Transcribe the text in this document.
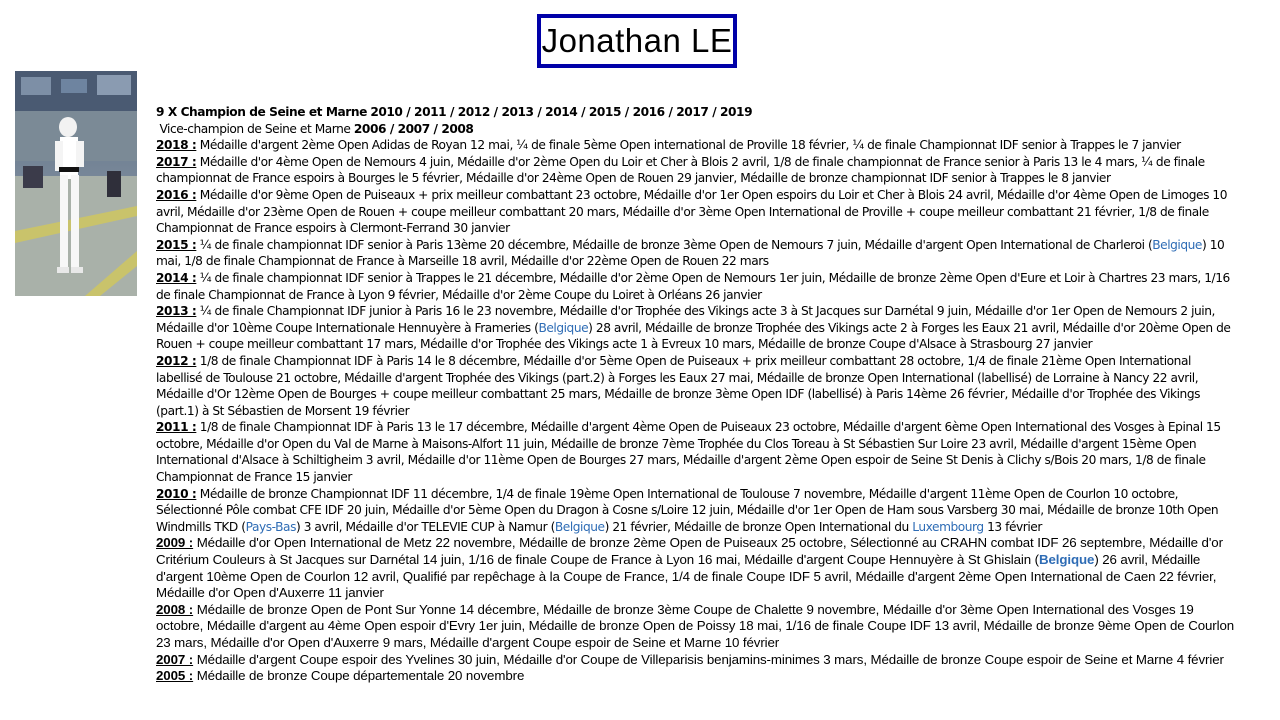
Jonathan LE

9 X Champion de Seine et Marne 2010 / 2011 / 2012 / 2013 / 2014 / 2015 / 2016 / 2017 / 2019

Vice-champion de Seine et Marne 2006 / 2007 / 2008

2018 : Médaille d'argent 2ème Open Adidas de Royan 12 mai, ¼ de finale 5ème Open international de Proville 18 février, ¼ de finale Championnat IDF senior à Trappes le 7 janvier

2017 : Médaille d'or 4ème Open de Nemours 4 juin, Médaille d'or 2ème Open du Loir et Cher à Blois 2 avril, 1/8 de finale championnat de France senior à Paris 13 le 4 mars, ¼ de finale championnat de France espoirs à Bourges le 5 février, Médaille d'or 24ème Open de Rouen 29 janvier, Médaille de bronze championnat IDF senior à Trappes le 8 janvier

2016 : Médaille d'or 9ème Open de Puiseaux + prix meilleur combattant 23 octobre, Médaille d'or 1er Open espoirs du Loir et Cher à Blois 24 avril, Médaille d'or 4ème Open de Limoges 10 avril, Médaille d'or 23ème Open de Rouen + coupe meilleur combattant 20 mars, Médaille d'or 3ème Open International de Proville + coupe meilleur combattant 21 février, 1/8 de finale Championnat de France espoirs à Clermont-Ferrand 30 janvier

2015 : ¼ de finale championnat IDF senior à Paris 13ème 20 décembre, Médaille de bronze 3ème Open de Nemours 7 juin, Médaille d'argent Open International de Charleroi (Belgique) 10 mai, 1/8 de finale Championnat de France à Marseille 18 avril, Médaille d'or 22ème Open de Rouen 22 mars

2014 : ¼ de finale championnat IDF senior à Trappes le 21 décembre, Médaille d'or 2ème Open de Nemours 1er juin, Médaille de bronze 2ème Open d'Eure et Loir à Chartres 23 mars, 1/16 de finale Championnat de France à Lyon 9 février, Médaille d'or 2ème Coupe du Loiret à Orléans 26 janvier

2013 : ¼ de finale Championnat IDF junior à Paris 16 le 23 novembre, Médaille d'or Trophée des Vikings acte 3 à St Jacques sur Darnétal 9 juin, Médaille d'or 1er Open de Nemours 2 juin, Médaille d'or 10ème Coupe Internationale Hennuyère à Frameries (Belgique) 28 avril, Médaille de bronze Trophée des Vikings acte 2 à Forges les Eaux 21 avril, Médaille d'or 20ème Open de Rouen + coupe meilleur combattant 17 mars, Médaille d'or Trophée des Vikings acte 1 à Evreux 10 mars, Médaille de bronze Coupe d'Alsace à Strasbourg 27 janvier

2012 : 1/8 de finale Championnat IDF à Paris 14 le 8 décembre, Médaille d'or 5ème Open de Puiseaux + prix meilleur combattant 28 octobre, 1/4 de finale 21ème Open International labellisé de Toulouse 21 octobre, Médaille d'argent Trophée des Vikings (part.2) à Forges les Eaux 27 mai, Médaille de bronze Open International (labellisé) de Lorraine à Nancy 22 avril, Médaille d'Or 12ème Open de Bourges + coupe meilleur combattant 25 mars, Médaille de bronze 3ème Open IDF (labellisé) à Paris 14ème 26 février, Médaille d'or Trophée des Vikings (part.1) à St Sébastien de Morsent 19 février

2011 : 1/8 de finale Championnat IDF à Paris 13 le 17 décembre, Médaille d'argent 4ème Open de Puiseaux 23 octobre, Médaille d'argent 6ème Open International des Vosges à Epinal 15 octobre, Médaille d'or Open du Val de Marne à Maisons-Alfort 11 juin, Médaille de bronze 7ème Trophée du Clos Toreau à St Sébastien Sur Loire 23 avril, Médaille d'argent 15ème Open International d'Alsace à Schiltigheim 3 avril, Médaille d'or 11ème Open de Bourges 27 mars, Médaille d'argent 2ème Open espoir de Seine St Denis à Clichy s/Bois 20 mars, 1/8 de finale Championnat de France 15 janvier

2010 : Médaille de bronze Championnat IDF 11 décembre, 1/4 de finale 19ème Open International de Toulouse 7 novembre, Médaille d'argent 11ème Open de Courlon 10 octobre, Sélectionné Pôle combat CFE IDF 20 juin, Médaille d'or 5ème Open du Dragon à Cosne s/Loire 12 juin, Médaille d'or 1er Open de Ham sous Varsberg 30 mai, Médaille de bronze 10th Open Windmills TKD (Pays-Bas) 3 avril, Médaille d'or TELEVIE CUP à Namur (Belgique) 21 février, Médaille de bronze Open International du Luxembourg 13 février

2009 : Médaille d'or Open International de Metz 22 novembre, Médaille de bronze 2ème Open de Puiseaux 25 octobre, Sélectionné au CRAHN combat IDF 26 septembre, Médaille d'or Critérium Couleurs à St Jacques sur Darnétal 14 juin, 1/16 de finale Coupe de France à Lyon 16 mai, Médaille d'argent Coupe Hennuyère à St Ghislain (Belgique) 26 avril, Médaille d'argent 10ème Open de Courlon 12 avril, Qualifié par repêchage à la Coupe de France, 1/4 de finale Coupe IDF 5 avril, Médaille d'argent 2ème Open International de Caen 22 février, Médaille d'or Open d'Auxerre 11 janvier

2008 : Médaille de bronze Open de Pont Sur Yonne 14 décembre, Médaille de bronze 3ème Coupe de Chalette 9 novembre, Médaille d'or 3ème Open International des Vosges 19 octobre, Médaille d'argent au 4ème Open espoir d'Evry 1er juin, Médaille de bronze Open de Poissy 18 mai, 1/16 de finale Coupe IDF 13 avril, Médaille de bronze 9ème Open de Courlon 23 mars, Médaille d'or Open d'Auxerre 9 mars, Médaille d'argent Coupe espoir de Seine et Marne 10 février

2007 : Médaille d'argent Coupe espoir des Yvelines 30 juin, Médaille d'or Coupe de Villeparisis benjamins-minimes 3 mars, Médaille de bronze Coupe espoir de Seine et Marne 4 février

2005 : Médaille de bronze Coupe départementale 20 novembre
